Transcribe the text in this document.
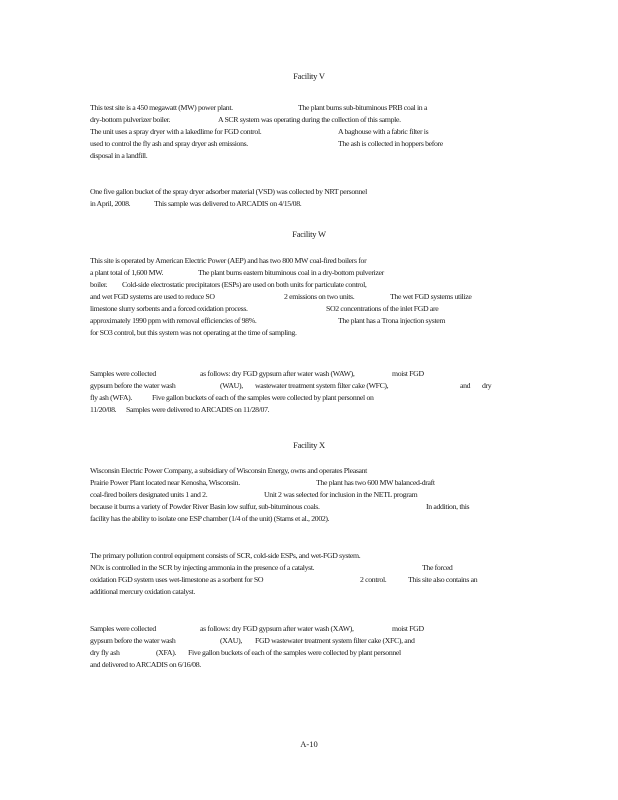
Facility V
This test site is a 450 megawatt (MW) power plant.	The plant burns sub-bituminous PRB coal in a
dry-bottom pulverizer boiler.	A SCR system was operating during the collection of this sample.
The unit uses a spray dryer with a lakedlime for FGD control.	A baghouse with a fabric filter is
used to control the fly ash and spray dryer ash emissions.	The ash is collected in hoppers before
disposal in a landfill.
One five gallon bucket of the spray dryer adsorber material (VSD) was collected by NRT personnel
in April, 2008.	This sample was delivered to ARCADIS on 4/15/08.
Facility W
This site is operated by American Electric Power (AEP) and has two 800 MW coal-fired boilers for
a plant total of 1,600 MW.	The plant burns eastern bituminous coal in a dry-bottom pulverizer
boiler. Cold-side electrostatic precipitators (ESPs) are used on both units for particulate control,
and wet FGD systems are used to reduce SO	2 emissions on two units.	The wet FGD systems utilize
limestone slurry sorbents and a forced oxidation process.	SO2 concentrations of the inlet FGD are
approximately 1990 ppm with removal efficiencies of 98%.	The plant has a Trona injection system
for SO3 control, but this system was not operating at the time of sampling.
Samples were collected	as follows: dry FGD gypsum after water wash (WAW),	moist FGD
gypsum before the water wash	(WAU), wastewater treatment system filter cake (WFC),	and dry
fly ash (WFA).	Five gallon buckets of each of the samples were collected by plant personnel on
11/20/08. Samples were delivered to ARCADIS on 11/28/07.
Facility X
Wisconsin Electric Power Company, a subsidiary of Wisconsin Energy, owns and operates Pleasant
Prairie Power Plant located near Kenosha, Wisconsin.	The plant has two 600 MW balanced-draft
coal-fired boilers designated units 1 and 2.	Unit 2 was selected for inclusion in the NETL program
because it burns a variety of Powder River Basin low sulfur, sub-bituminous coals.	In addition, this
facility has the ability to isolate one ESP chamber (1/4 of the unit) (Starns et al., 2002).
The primary pollution control equipment consists of SCR, cold-side ESPs, and wet-FGD system.
NOx is controlled in the SCR by injecting ammonia in the presence of a catalyst.	The forced
oxidation FGD system uses wet-limestone as a sorbent for SO	2 control.	This site also contains an
additional mercury oxidation catalyst.
Samples were collected	as follows: dry FGD gypsum after water wash (XAW),	moist FGD
gypsum before the water wash	(XAU), FGD wastewater treatment system filter cake (XFC), and
dry fly ash	(XFA). Five gallon buckets of each of the samples were collected by plant personnel
and delivered to ARCADIS on 6/16/08.
A-10
